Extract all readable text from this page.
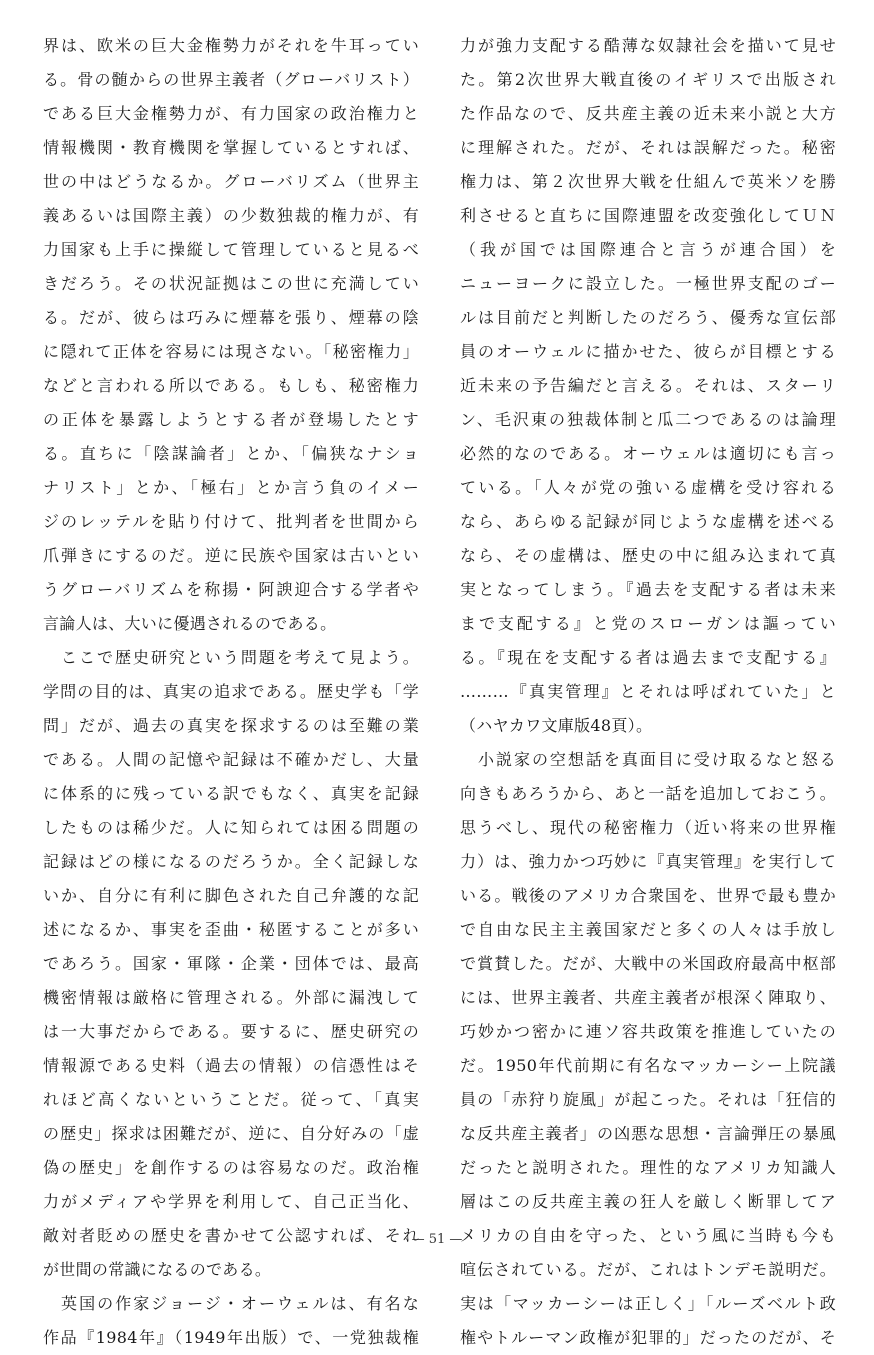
界は、欧米の巨大金権勢力がそれを牛耳ってい
る。骨の髄からの世界主義者（グローバリスト）
である巨大金権勢力が、有力国家の政治権力と
情報機関・教育機関を掌握しているとすれば、
世の中はどうなるか。グローバリズム（世界主
義あるいは国際主義）の少数独裁的権力が、有
力国家も上手に操縦して管理していると見るべ
きだろう。その状況証拠はこの世に充満してい
る。だが、彼らは巧みに煙幕を張り、煙幕の陰
に隠れて正体を容易には現さない。「秘密権力」
などと言われる所以である。もしも、秘密権力
の正体を暴露しようとする者が登場したとす
る。直ちに「陰謀論者」とか、「偏狭なナショ
ナリスト」とか、「極右」とか言う負のイメー
ジのレッテルを貼り付けて、批判者を世間から
爪弾きにするのだ。逆に民族や国家は古いとい
うグローバリズムを称揚・阿諛迎合する学者や
言論人は、大いに優遇されるのである。
　ここで歴史研究という問題を考えて見よう。
学問の目的は、真実の追求である。歴史学も「学
問」だが、過去の真実を探求するのは至難の業
である。人間の記憶や記録は不確かだし、大量
に体系的に残っている訳でもなく、真実を記録
したものは稀少だ。人に知られては困る問題の
記録はどの様になるのだろうか。全く記録しな
いか、自分に有利に脚色された自己弁護的な記
述になるか、事実を歪曲・秘匿することが多い
であろう。国家・軍隊・企業・団体では、最高
機密情報は厳格に管理される。外部に漏洩して
は一大事だからである。要するに、歴史研究の
情報源である史料（過去の情報）の信憑性はそ
れほど高くないということだ。従って、「真実
の歴史」探求は困難だが、逆に、自分好みの「虚
偽の歴史」を創作するのは容易なのだ。政治権
力がメディアや学界を利用して、自己正当化、
敵対者貶めの歴史を書かせて公認すれば、それ
が世間の常識になるのである。
　英国の作家ジョージ・オーウェルは、有名な
作品『1984年』（1949年出版）で、一党独裁権
力が強力支配する酷薄な奴隷社会を描いて見せ
た。第2次世界大戦直後のイギリスで出版され
た作品なので、反共産主義の近未来小説と大方
に理解された。だが、それは誤解だった。秘密
権力は、第２次世界大戦を仕組んで英米ソを勝
利させると直ちに国際連盟を改変強化してＵＮ
（我が国では国際連合と言うが連合国）を
ニューヨークに設立した。一極世界支配のゴー
ルは目前だと判断したのだろう、優秀な宣伝部
員のオーウェルに描かせた、彼らが目標とする
近未来の予告編だと言える。それは、スターリ
ン、毛沢東の独裁体制と瓜二つであるのは論理
必然的なのである。オーウェルは適切にも言っ
ている。「人々が党の強いる虚構を受け容れる
なら、あらゆる記録が同じような虚構を述べる
なら、その虚構は、歴史の中に組み込まれて真
実となってしまう。『過去を支配する者は未来
まで支配する』と党のスローガンは謳ってい
る。『現在を支配する者は過去まで支配する』
………『真実管理』とそれは呼ばれていた」と
（ハヤカワ文庫版48頁）。
　小説家の空想話を真面目に受け取るなと怒る
向きもあろうから、あと一話を追加しておこう。
思うべし、現代の秘密権力（近い将来の世界権
力）は、強力かつ巧妙に『真実管理』を実行して
いる。戦後のアメリカ合衆国を、世界で最も豊か
で自由な民主主義国家だと多くの人々は手放し
で賞賛した。だが、大戦中の米国政府最高中枢部
には、世界主義者、共産主義者が根深く陣取り、
巧妙かつ密かに連ソ容共政策を推進していたの
だ。1950年代前期に有名なマッカーシー上院議
員の「赤狩り旋風」が起こった。それは「狂信的
な反共産主義者」の凶悪な思想・言論弾圧の暴風
だったと説明された。理性的なアメリカ知識人
層はこの反共産主義の狂人を厳しく断罪してア
メリカの自由を守った、という風に当時も今も
喧伝されている。だが、これはトンデモ説明だ。
実は「マッカーシーは正しく」「ルーズベルト政
権やトルーマン政権が犯罪的」だったのだが、そ
— 51 —
